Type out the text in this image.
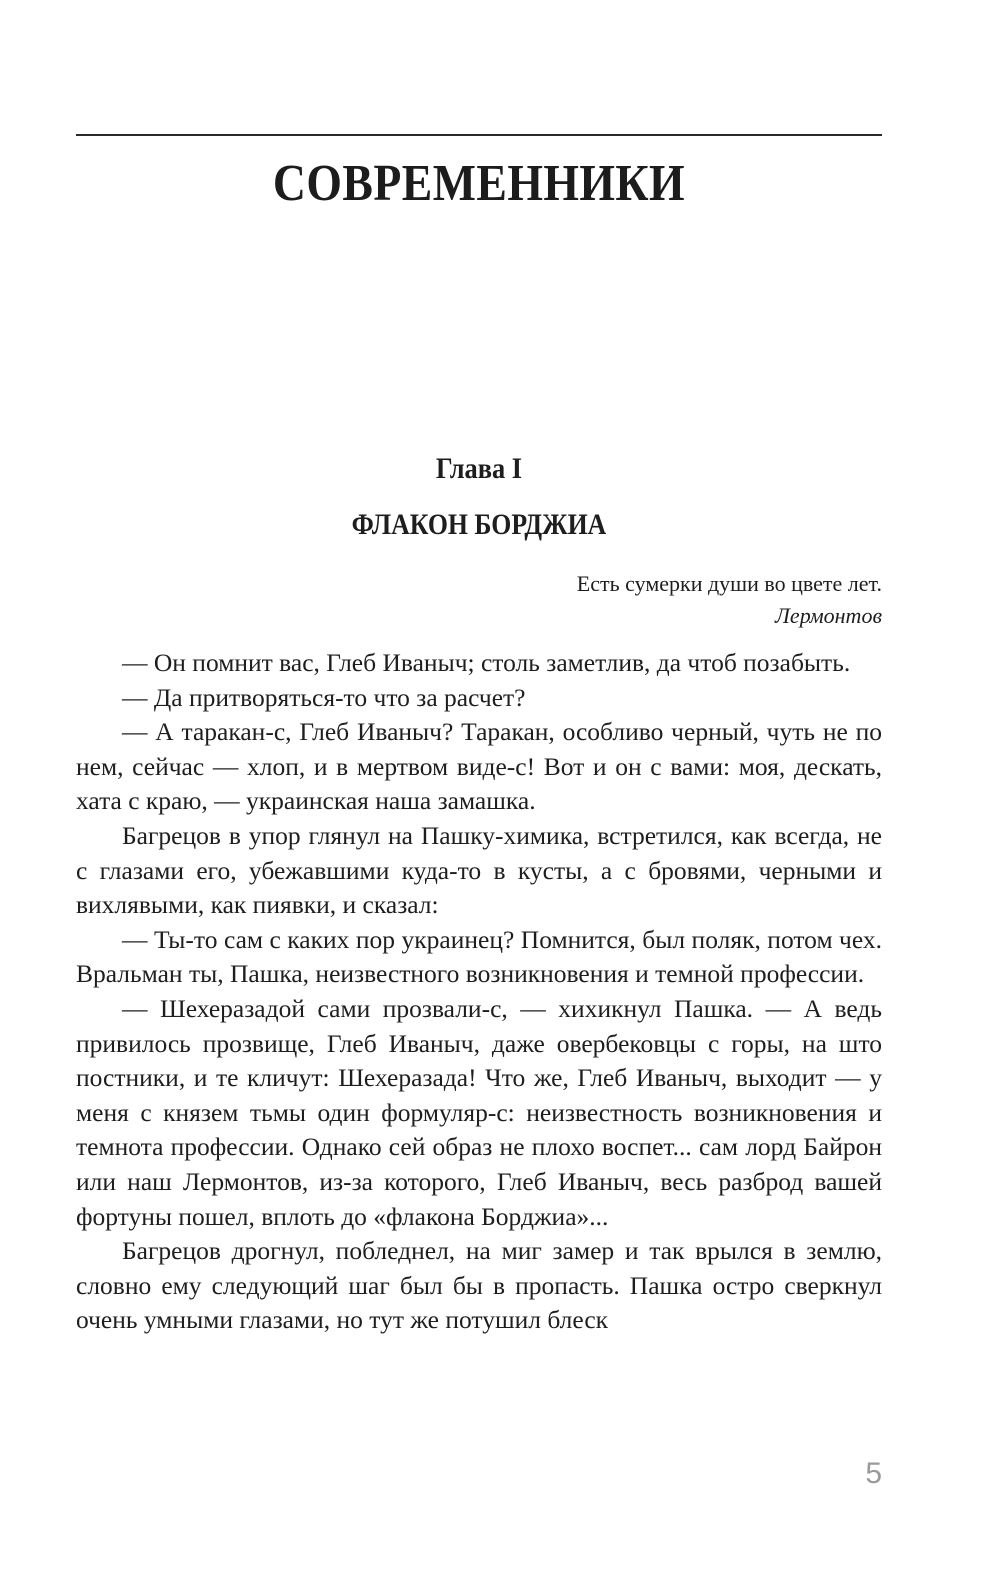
СОВРЕМЕННИКИ
Глава I
ФЛАКОН БОРДЖИА
Есть сумерки души во цвете лет.
Лермонтов

— Он помнит вас, Глеб Иваныч; столь заметлив, да чтоб позабыть.

— Да притворяться-то что за расчет?

— А таракан-с, Глеб Иваныч? Таракан, особливо черный, чуть не по нем, сейчас — хлоп, и в мертвом виде-с! Вот и он с вами: моя, дескать, хата с краю, — украинская наша замашка.

Багрецов в упор глянул на Пашку-химика, встретился, как всегда, не с глазами его, убежавшими куда-то в кусты, а с бровями, черными и вихлявыми, как пиявки, и сказал:

— Ты-то сам с каких пор украинец? Помнится, был поляк, потом чех. Вральман ты, Пашка, неизвестного возникновения и темной профессии.

— Шехеразадой сами прозвали-с, — хихикнул Пашка. — А ведь привилось прозвище, Глеб Иваныч, даже овербековцы с горы, на што постники, и те кличут: Шехеразада! Что же, Глеб Иваныч, выходит — у меня с князем тьмы один формуляр-с: неизвестность возникновения и темнота профессии. Однако сей образ не плохо воспет... сам лорд Байрон или наш Лермонтов, из-за которого, Глеб Иваныч, весь разброд вашей фортуны пошел, вплоть до «флакона Борджиа»...

Багрецов дрогнул, побледнел, на миг замер и так врылся в землю, словно ему следующий шаг был бы в пропасть. Пашка остро сверкнул очень умными глазами, но тут же потушил блеск

5
